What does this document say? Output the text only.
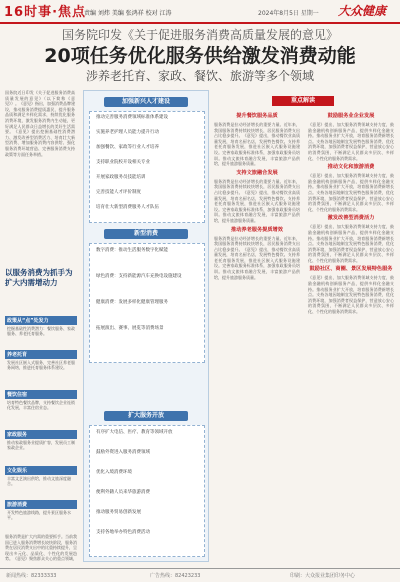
16时事·焦点
责编 刘炜 美编 张鸿祥 校对 江涛	2024年8月5日 星期一 大众健康
国务院印发《关于促进服务消费高质量发展的意见》
20项任务优化服务供给激发消费动能
涉养老托育、家政、餐饮、旅游等多个领域
国务院近日印发《关于促进服务消费高质量发展的意见》（以下简称《意见》）。《意见》指出，加强消费品牌建设，推动服务消费提质惠民，提升服务品质和满足多样化需求，持续优化服务消费环境，激发服务消费内生动能，更好满足人民群众日益增长的美好生活需要。《意见》提出挖掘基础性消费潜力、激发改善型消费活力、培育壮大新型消费、增加服务消费内容供给、强化服务消费环境营造、完善服务消费支持政策等方面任务举措。
以服务消费为抓手为扩大内需增动力
政策从“点”处发力
挖掘基础性消费潜力：餐饮服务、家政服务、养老托育服务。
养老托育
发展社区嵌入式服务，完善社区养老服务网络，推进托育服务体系建设。
餐饮住宿
培育特色餐饮品牌，支持餐饮企业连锁化发展，丰富住宿业态。
家政服务
推动家政服务业提质扩容，发展员工制家政企业。
文化娱乐
丰富文艺演出供给，推动文旅深度融合。
旅游消费
开发特色旅游线路，提升景区服务水平。
服务消费是扩大内需的重要抓手。当前我国已进入服务消费增长较快阶段，服务消费在居民消费支出中的比重持续提升，呈现出多元化、品质化、个性化的发展趋势。《意见》聚焦群众关心的重点领域，
加强新兴人才建设
推动完善服务消费领域标准体系建设
实施养老护理人员能力提升行动
加强餐饮、家政等行业人才培养
支持职业院校开设相关专业
开展家政服务员技能培训
完善技能人才评价制度
培育壮大新型消费服务人才队伍
新型消费
数字消费：推动生活服务数字化赋能
绿色消费：支持新能源汽车充换电设施建设
健康消费：发展多样化健康管理服务
拓展演出、赛事、展览等消费场景
扩大服务开放
有序扩大电信、医疗、教育等领域开放
鼓励外资进入服务消费领域
优化入境消费环境
便利外籍人员来华旅游消费
推动服务贸易创新发展
支持各地举办特色消费活动
重点解读
提升餐饮服务品质
服务消费是拉动经济增长的重要力量。近年来，我国服务消费持续较快增长，居民服务消费支出占比稳步提升。《意见》提出，推动餐饮业高质量发展，培育名厨名店，发展特色餐饮。支持养老托育服务发展，推进社区嵌入式服务设施建设。完善家政服务标准体系，加强家政服务员培训。推动文旅体育融合发展，丰富旅游产品供给，提升旅游服务质量。
支持文旅融合发展
服务消费是拉动经济增长的重要力量。近年来，我国服务消费持续较快增长，居民服务消费支出占比稳步提升。《意见》提出，推动餐饮业高质量发展，培育名厨名店，发展特色餐饮。支持养老托育服务发展，推进社区嵌入式服务设施建设。完善家政服务标准体系，加强家政服务员培训。推动文旅体育融合发展，丰富旅游产品供给，提升旅游服务质量。
推动养老服务提质增效
服务消费是拉动经济增长的重要力量。近年来，我国服务消费持续较快增长，居民服务消费支出占比稳步提升。《意见》提出，推动餐饮业高质量发展，培育名厨名店，发展特色餐饮。支持养老托育服务发展，推进社区嵌入式服务设施建设。完善家政服务标准体系，加强家政服务员培训。推动文旅体育融合发展，丰富旅游产品供给，提升旅游服务质量。
鼓励服务业企业发展
《意见》提出，加大服务消费领域支持力度，鼓励金融机构创新服务产品，提供多样化金融支持。推动服务业扩大开放，培育服务消费新增长点。支持各地因地制宜发展特色服务消费，优化消费环境，加强消费者权益保护，营造放心安心的消费氛围，不断满足人民群众多层次、多样化、个性化的服务消费需求。
推动文化和旅游消费
《意见》提出，加大服务消费领域支持力度，鼓励金融机构创新服务产品，提供多样化金融支持。推动服务业扩大开放，培育服务消费新增长点。支持各地因地制宜发展特色服务消费，优化消费环境，加强消费者权益保护，营造放心安心的消费氛围，不断满足人民群众多层次、多样化、个性化的服务消费需求。
激发改善型消费活力
《意见》提出，加大服务消费领域支持力度，鼓励金融机构创新服务产品，提供多样化金融支持。推动服务业扩大开放，培育服务消费新增长点。支持各地因地制宜发展特色服务消费，优化消费环境，加强消费者权益保护，营造放心安心的消费氛围，不断满足人民群众多层次、多样化、个性化的服务消费需求。
鼓励社区、商圈、景区发展特色服务
《意见》提出，加大服务消费领域支持力度，鼓励金融机构创新服务产品，提供多样化金融支持。推动服务业扩大开放，培育服务消费新增长点。支持各地因地制宜发展特色服务消费，优化消费环境，加强消费者权益保护，营造放心安心的消费氛围，不断满足人民群众多层次、多样化、个性化的服务消费需求。
新闻热线：82333333	广告热线：82423233	印刷：大众报业集团印务中心
